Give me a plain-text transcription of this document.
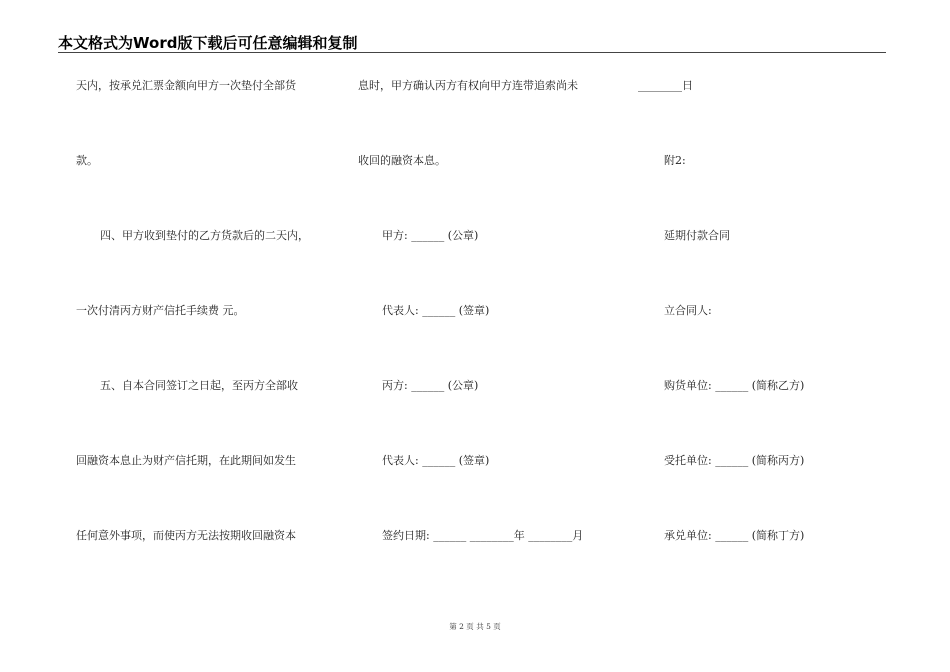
本文格式为Word版下载后可任意编辑和复制
天内，按承兑汇票金额向甲方一次垫付全部货
款。
四、甲方收到垫付的乙方货款后的二天内，
一次付清丙方财产信托手续费 元。
五、自本合同签订之日起，至丙方全部收
回融资本息止为财产信托期，在此期间如发生
任何意外事项，而使丙方无法按期收回融资本
息时，甲方确认丙方有权向甲方连带追索尚未
收回的融资本息。
甲方: ______ (公章)
代表人: ______ (签章)
丙方: ______ (公章)
代表人: ______ (签章)
签约日期: ______ ________年 ________月
________日
附2:
延期付款合同
立合同人:
购货单位: ______ (简称乙方)
受托单位: ______ (简称丙方)
承兑单位: ______ (简称丁方)
第 2 页 共 5 页
